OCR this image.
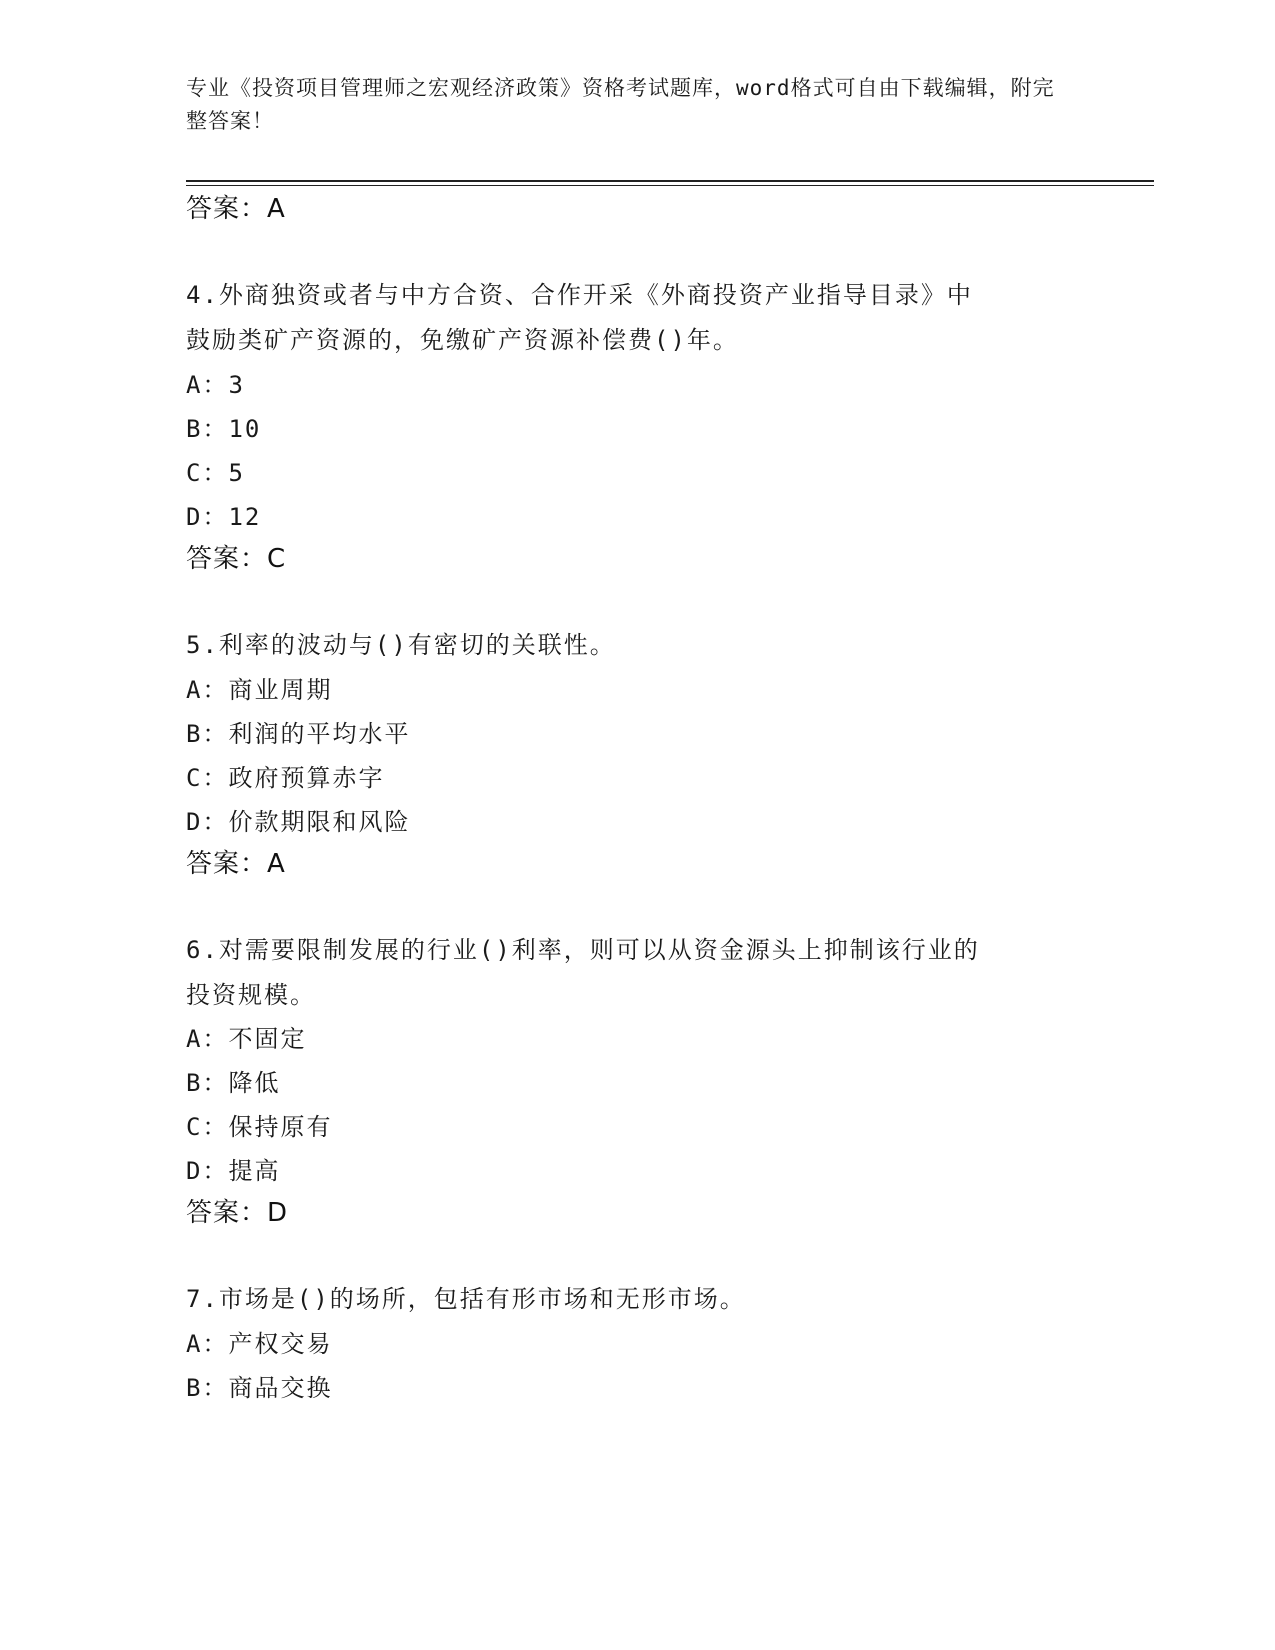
专业《投资项目管理师之宏观经济政策》资格考试题库，word格式可自由下载编辑，附完整答案！
答案：A
4.外商独资或者与中方合资、合作开采《外商投资产业指导目录》中
鼓励类矿产资源的，免缴矿产资源补偿费()年。
A：3
B：10
C：5
D：12
答案：C
5.利率的波动与()有密切的关联性。
A：商业周期
B：利润的平均水平
C：政府预算赤字
D：价款期限和风险
答案：A
6.对需要限制发展的行业()利率，则可以从资金源头上抑制该行业的
投资规模。
A：不固定
B：降低
C：保持原有
D：提高
答案：D
7.市场是()的场所，包括有形市场和无形市场。
A：产权交易
B：商品交换
